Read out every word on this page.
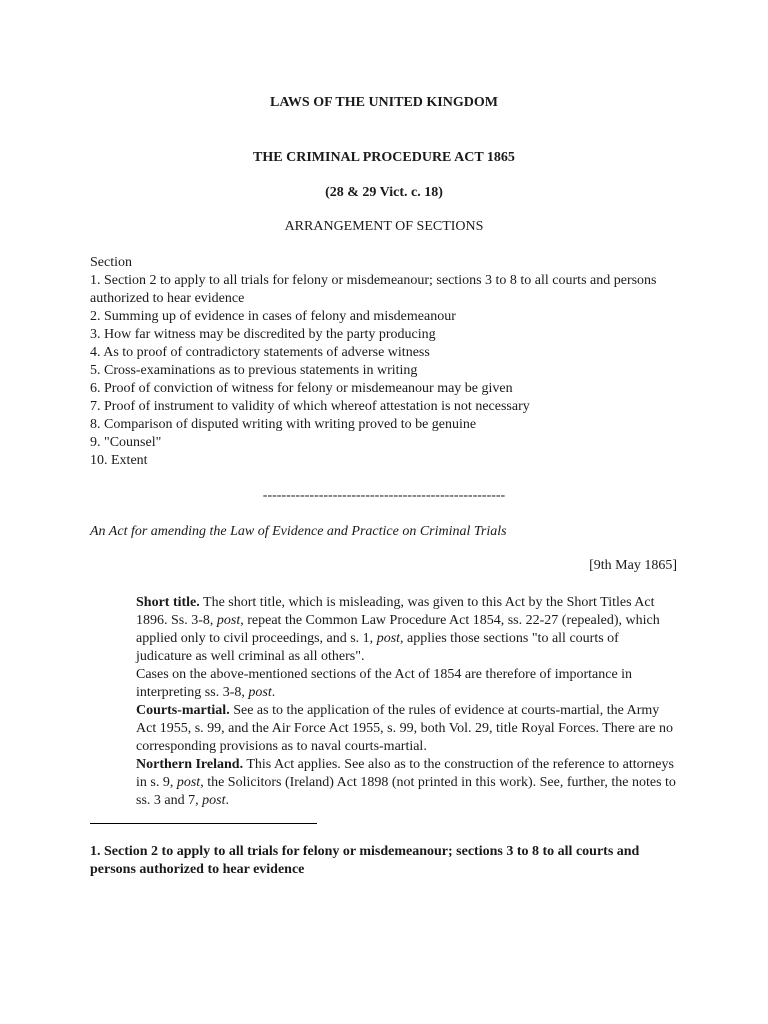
LAWS OF THE UNITED KINGDOM
THE CRIMINAL PROCEDURE ACT 1865
(28 & 29 Vict. c. 18)
ARRANGEMENT OF SECTIONS
Section
1. Section 2 to apply to all trials for felony or misdemeanour; sections 3 to 8 to all courts and persons authorized to hear evidence
2. Summing up of evidence in cases of felony and misdemeanour
3. How far witness may be discredited by the party producing
4. As to proof of contradictory statements of adverse witness
5. Cross-examinations as to previous statements in writing
6. Proof of conviction of witness for felony or misdemeanour may be given
7. Proof of instrument to validity of which whereof attestation is not necessary
8. Comparison of disputed writing with writing proved to be genuine
9. "Counsel"
10. Extent
----------------------------------------------------
An Act for amending the Law of Evidence and Practice on Criminal Trials
[9th May 1865]

Short title. The short title, which is misleading, was given to this Act by the Short Titles Act 1896. Ss. 3-8, post, repeat the Common Law Procedure Act 1854, ss. 22-27 (repealed), which applied only to civil proceedings, and s. 1, post, applies those sections "to all courts of judicature as well criminal as all others".

Cases on the above-mentioned sections of the Act of 1854 are therefore of importance in interpreting ss. 3-8, post.

Courts-martial. See as to the application of the rules of evidence at courts-martial, the Army Act 1955, s. 99, and the Air Force Act 1955, s. 99, both Vol. 29, title Royal Forces. There are no corresponding provisions as to naval courts-martial.

Northern Ireland. This Act applies. See also as to the construction of the reference to attorneys in s. 9, post, the Solicitors (Ireland) Act 1898 (not printed in this work). See, further, the notes to ss. 3 and 7, post.

1. Section 2 to apply to all trials for felony or misdemeanour; sections 3 to 8 to all courts and persons authorized to hear evidence
